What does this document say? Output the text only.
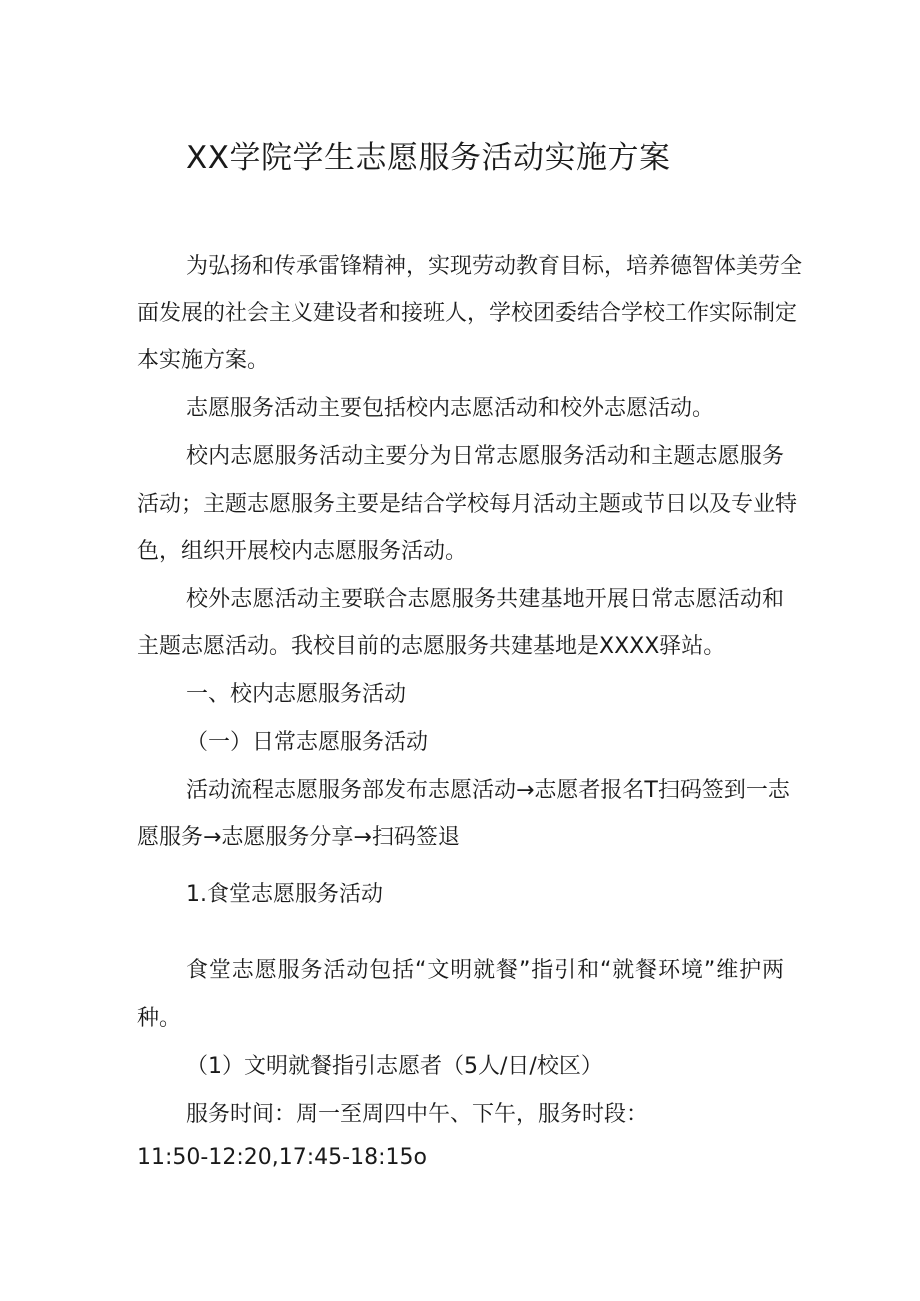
XX学院学生志愿服务活动实施方案
为弘扬和传承雷锋精神，实现劳动教育目标，培养德智体美劳全
面发展的社会主义建设者和接班人，学校团委结合学校工作实际制定
本实施方案。
志愿服务活动主要包括校内志愿活动和校外志愿活动。
校内志愿服务活动主要分为日常志愿服务活动和主题志愿服务
活动；主题志愿服务主要是结合学校每月活动主题或节日以及专业特
色，组织开展校内志愿服务活动。
校外志愿活动主要联合志愿服务共建基地开展日常志愿活动和
主题志愿活动。我校目前的志愿服务共建基地是XXXX驿站。
一、校内志愿服务活动
（一）日常志愿服务活动
活动流程志愿服务部发布志愿活动→志愿者报名T扫码签到一志
愿服务→志愿服务分享→扫码签退
1.食堂志愿服务活动
食堂志愿服务活动包括“文明就餐”指引和“就餐环境”维护两
种。
（1）文明就餐指引志愿者（5人/日/校区）
服务时间：周一至周四中午、下午，服务时段：
11:50-12:20,17:45-18:15o
